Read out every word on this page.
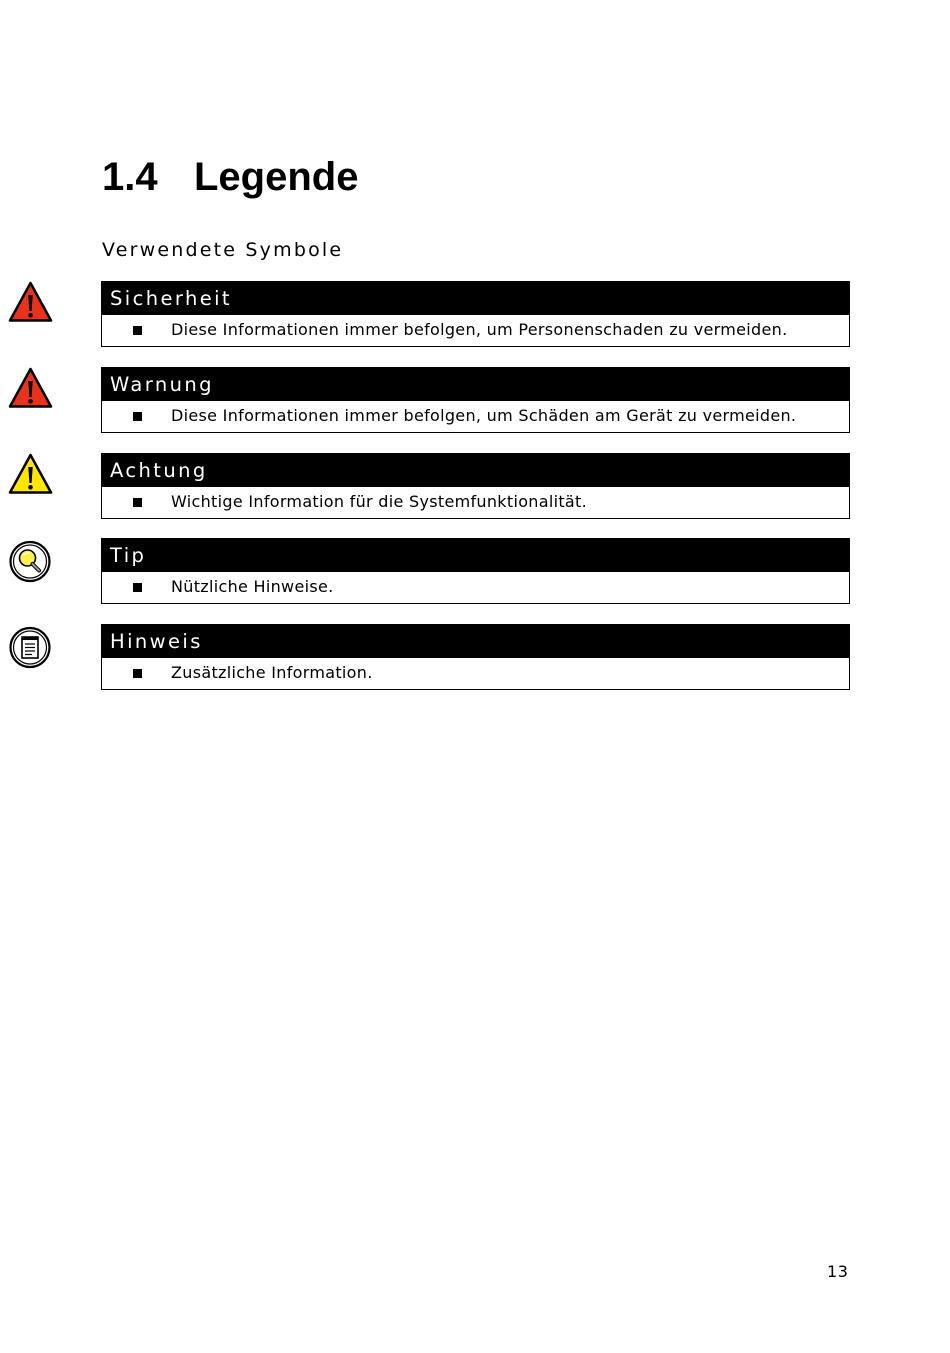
1.4 Legende
Verwendete Symbole
Sicherheit
Diese Informationen immer befolgen, um Personenschaden zu vermeiden.
Warnung
Diese Informationen immer befolgen, um Schäden am Gerät zu vermeiden.
Achtung
Wichtige Information für die Systemfunktionalität.
Tip
Nützliche Hinweise.
Hinweis
Zusätzliche Information.
13
